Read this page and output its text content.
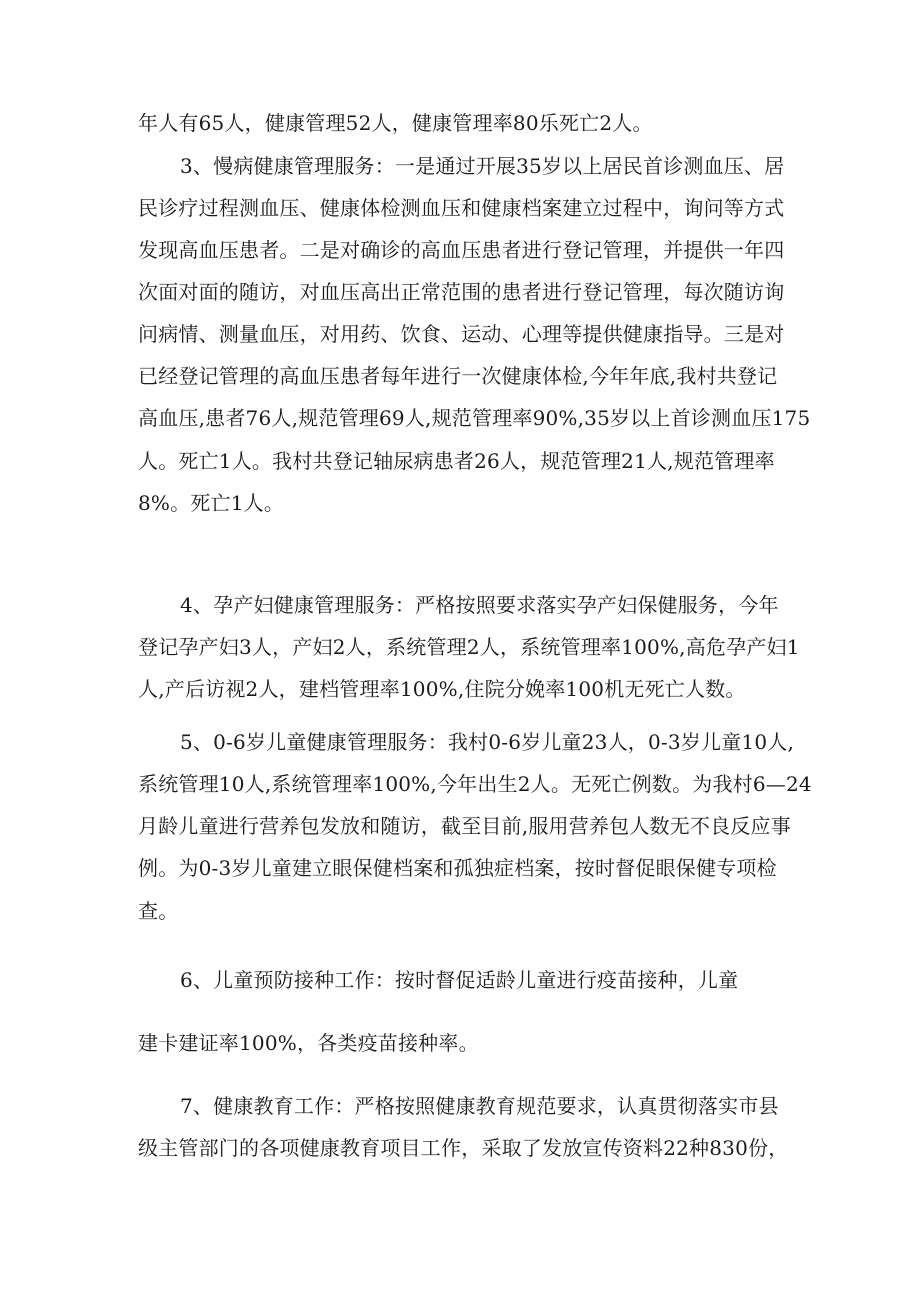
年人有65人，健康管理52人，健康管理率80乐死亡2人。
3、慢病健康管理服务：一是通过开展35岁以上居民首诊测血压、居
民诊疗过程测血压、健康体检测血压和健康档案建立过程中，询问等方式
发现高血压患者。二是对确诊的高血压患者进行登记管理，并提供一年四
次面对面的随访，对血压高出正常范围的患者进行登记管理，每次随访询
问病情、测量血压，对用药、饮食、运动、心理等提供健康指导。三是对
已经登记管理的高血压患者每年进行一次健康体检,今年年底,我村共登记
高血压,患者76人,规范管理69人,规范管理率90%,35岁以上首诊测血压175
人。死亡1人。我村共登记轴尿病患者26人，规范管理21人,规范管理率
8%。死亡1人。
4、孕产妇健康管理服务：严格按照要求落实孕产妇保健服务，今年
登记孕产妇3人，产妇2人，系统管理2人，系统管理率100%,高危孕产妇1
人,产后访视2人，建档管理率100%,住院分娩率100机无死亡人数。
5、0-6岁儿童健康管理服务：我村0-6岁儿童23人，0-3岁儿童10人,
系统管理10人,系统管理率100%,今年出生2人。无死亡例数。为我村6—24
月龄儿童进行营养包发放和随访，截至目前,服用营养包人数无不良反应事
例。为0-3岁儿童建立眼保健档案和孤独症档案，按时督促眼保健专项检
查。
6、儿童预防接种工作：按时督促适龄儿童进行疫苗接种，儿童
建卡建证率100%，各类疫苗接种率。
7、健康教育工作：严格按照健康教育规范要求，认真贯彻落实市县
级主管部门的各项健康教育项目工作，采取了发放宣传资料22种830份，
